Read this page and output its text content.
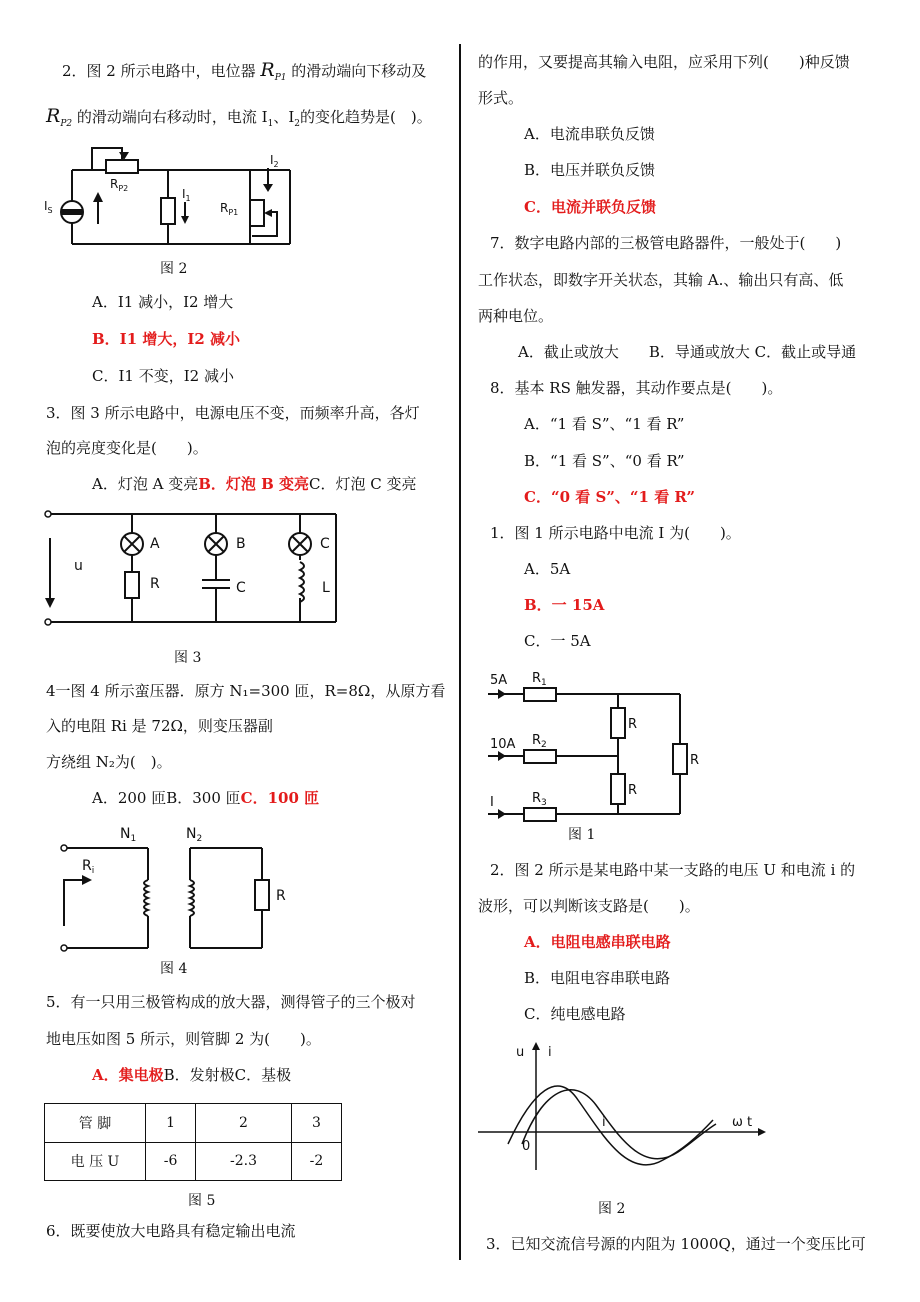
2．图 2 所示电路中，电位器 $R_{P1}$ 的滑动端向下移动及
$R_{P2}$ 的滑动端向右移动时，电流 $I_1$、$I_2$的变化趋势是(　)。
$I_S$
$R_{P2}$	$I_1$
$R_{P1}$
$I_2$
图 2
A．I1 减小，I2 增大
B．I1 增大，I2 减小
C．I1 不变，I2 减小
3．图 3 所示电路中，电源电压不变，而频率升高，各灯
泡的亮度变化是(　　)。
A．灯泡 A 变亮B．灯泡 B 变亮C．灯泡 C 变亮
u
A
R
B
C
C
L
图 3
4一图 4 所示蛮压器．原方 N₁=300 匝，R=8Ω，从原方看
入的电阻 Ri 是 72Ω，则变压器副
方绕组 N₂为(　)。
A．200 匝B．300 匝C．100 匝
$N_1$	$N_2$
$R_i$
R
图 4
5．有一只用三极管构成的放大器，测得管子的三个极对
地电压如图 5 所示，则管脚 2 为(　　)。
A．集电极B．发射极C．基极
管 脚	1	2	3
电 压 U	-6	-2.3	-2
图 5
6．既要使放大电路具有稳定输出电流
的作用，又要提高其输入电阻，应采用下列(　　)种反馈
形式。
A．电流串联负反馈
B．电压并联负反馈
C．电流并联负反馈
7．数字电路内部的三极管电路器件，一般处于(　　)
工作状态，即数字开关状态，其输 A.、输出只有高、低
两种电位。
A．截止或放大　　B．导通或放大 C．截止或导通
8．基本 RS 触发器，其动作要点是(　　)。
A．“1 看 S”、“1 看 R”
B．“1 看 S”、“0 看 R”
C．“0 看 S”、“1 看 R”
1．图 1 所示电路中电流 I 为(　　)。
A．5A
B．一 15A
C．一 5A
5A
10A
I
$R_1$
$R_2$
$R_3$
R
R
R
图 1
2．图 2 所示是某电路中某一支路的电压 U 和电流 i 的
波形，可以判断该支路是(　　)。
A．电阻电感串联电路
B．电阻电容串联电路
C．纯电感电路
u i
i	ω t
0
图 2
3．已知交流信号源的内阻为 1000Q，通过一个变压比可
